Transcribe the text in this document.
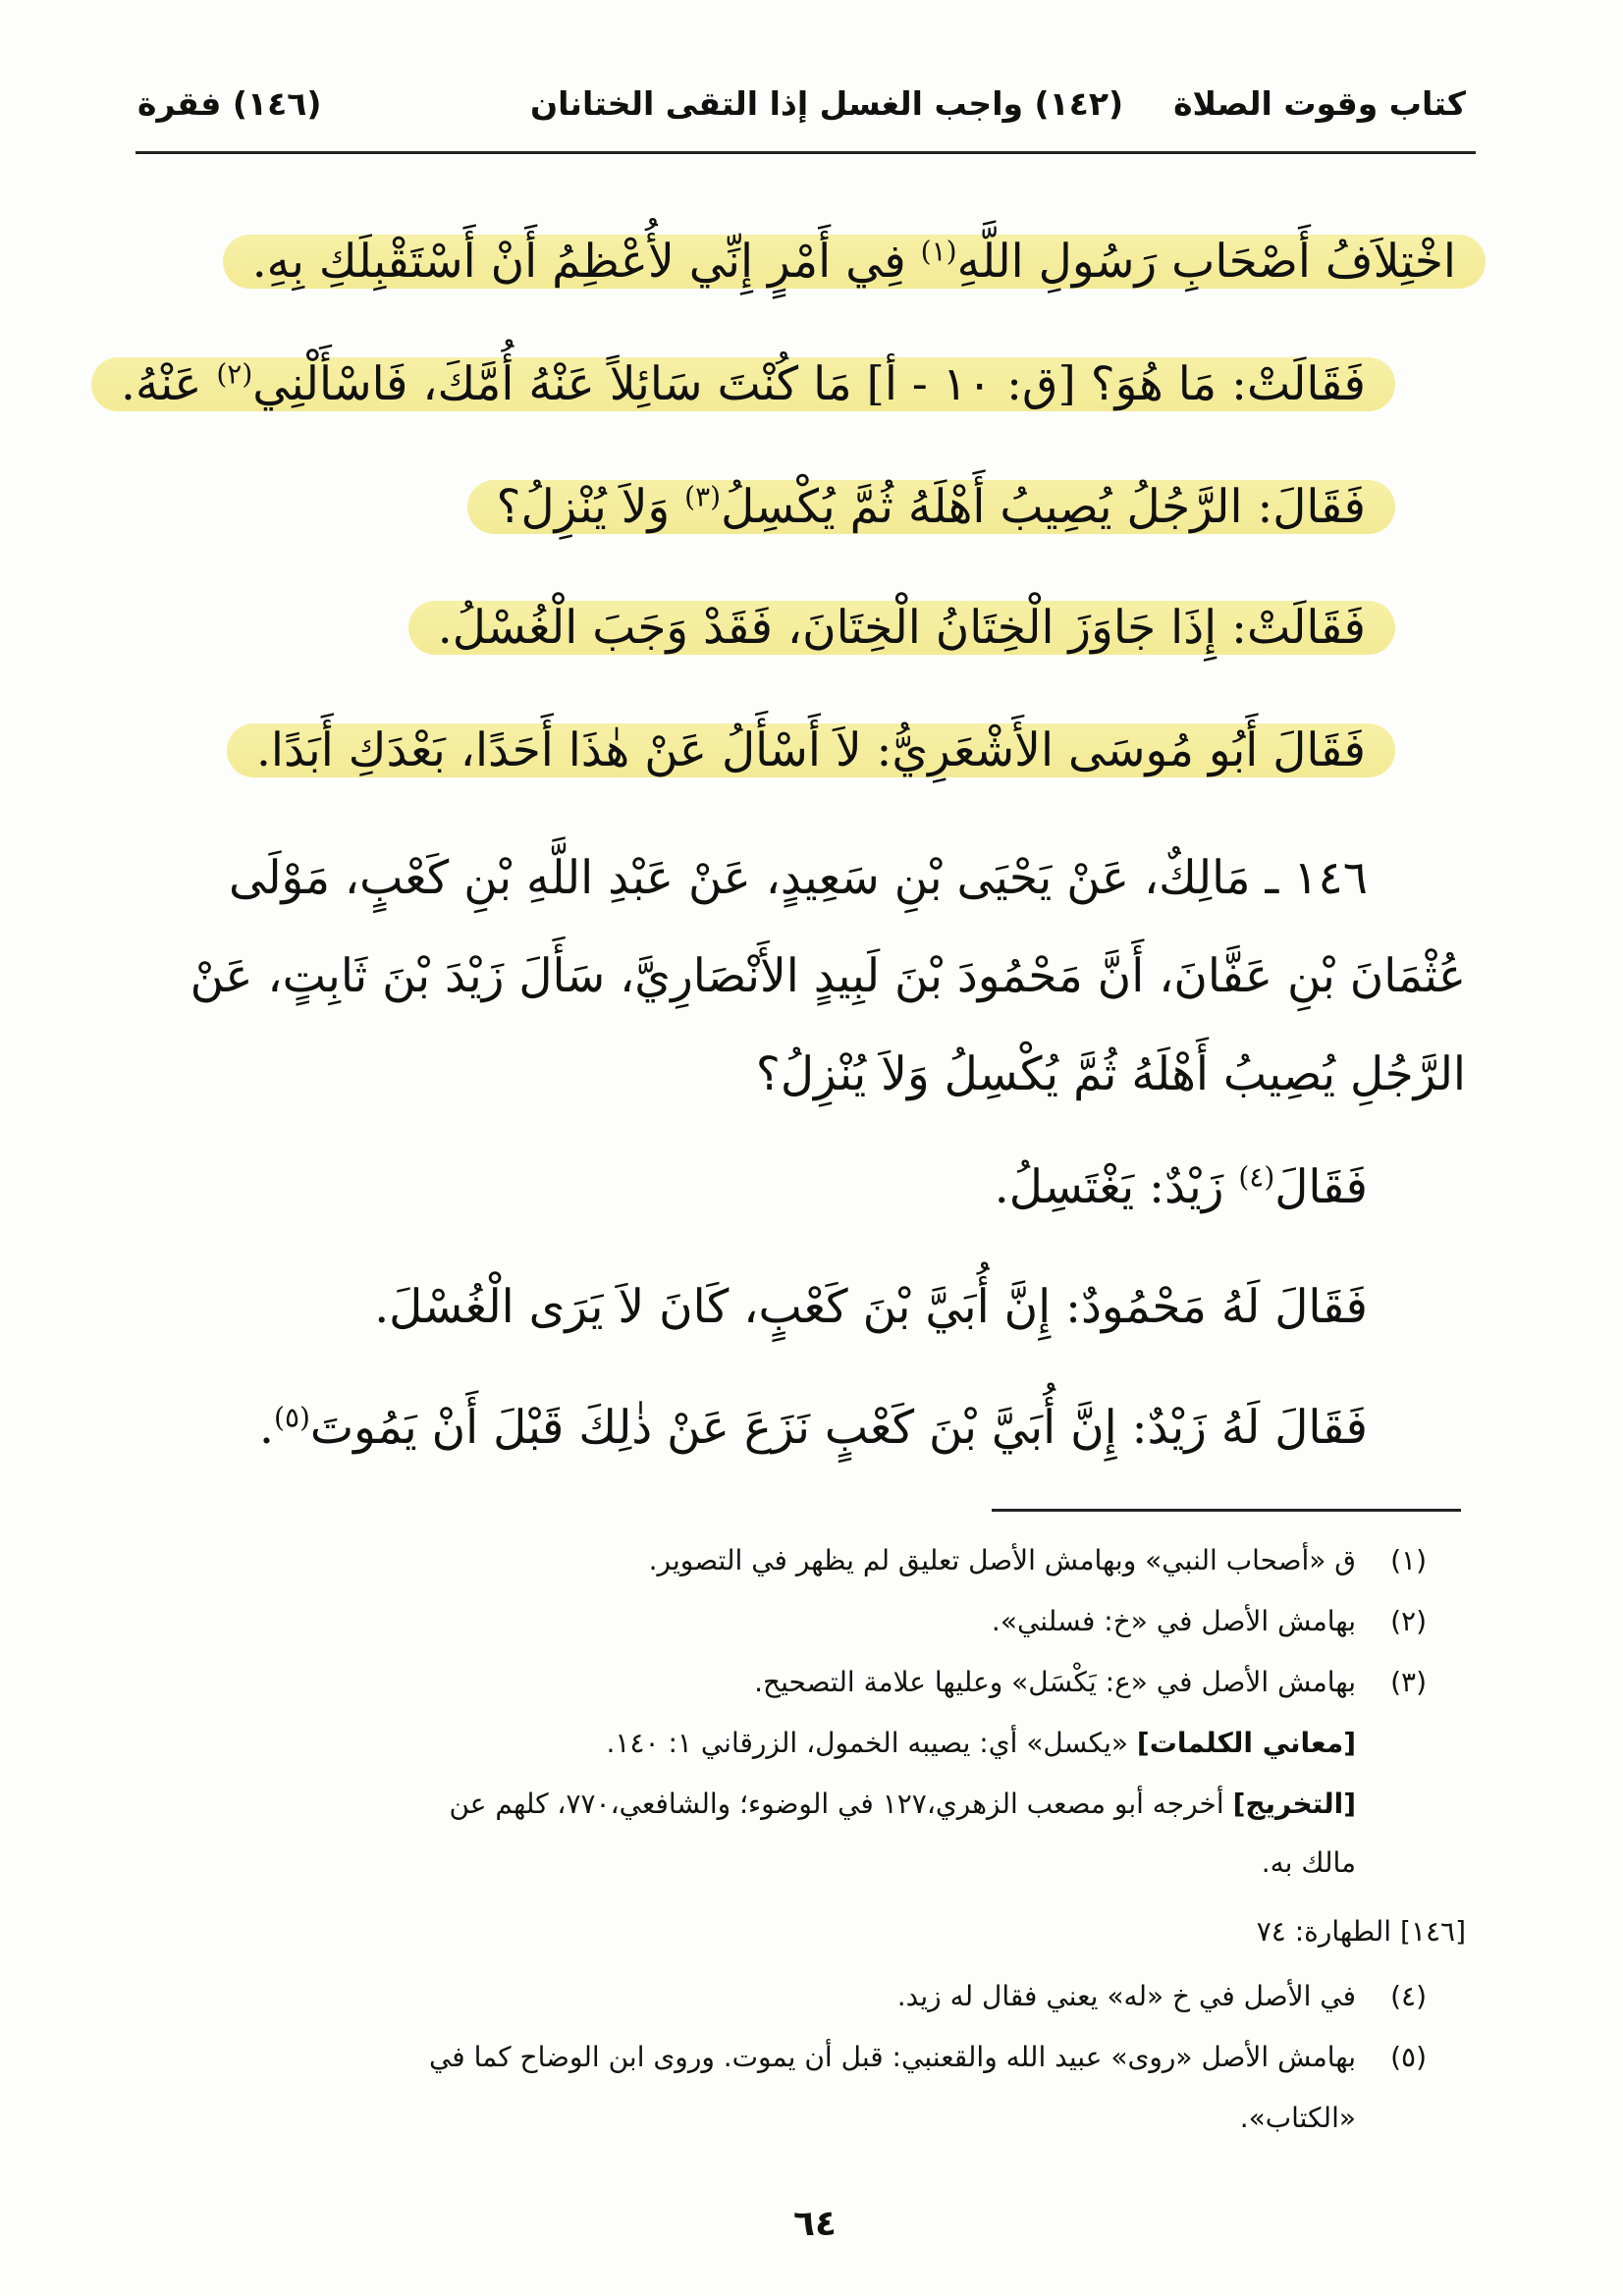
كتاب وقوت الصلاة
(١٤٢) واجب الغسل إذا التقى الختانان
(١٤٦) فقرة
اخْتِلاَفُ أَصْحَابِ رَسُولِ اللَّهِ$^{(١)}$ فِي أَمْرٍ إِنِّي لأُعْظِمُ أَنْ أَسْتَقْبِلَكِ بِهِ.
فَقَالَتْ: مَا هُوَ؟ [ق: ١٠ - أ] مَا كُنْتَ سَائِلاً عَنْهُ أُمَّكَ، فَاسْأَلْنِي$^{(٢)}$ عَنْهُ.
فَقَالَ: الرَّجُلُ يُصِيبُ أَهْلَهُ ثُمَّ يُكْسِلُ$^{(٣)}$ وَلاَ يُنْزِلُ؟
فَقَالَتْ: إِذَا جَاوَزَ الْخِتَانُ الْخِتَانَ، فَقَدْ وَجَبَ الْغُسْلُ.
فَقَالَ أَبُو مُوسَى الأَشْعَرِيُّ: لاَ أَسْأَلُ عَنْ هٰذَا أَحَدًا، بَعْدَكِ أَبَدًا.
١٤٦ ـ مَالِكٌ، عَنْ يَحْيَى بْنِ سَعِيدٍ، عَنْ عَبْدِ اللَّهِ بْنِ كَعْبٍ، مَوْلَى
عُثْمَانَ بْنِ عَفَّانَ، أَنَّ مَحْمُودَ بْنَ لَبِيدٍ الأَنْصَارِيَّ، سَأَلَ زَيْدَ بْنَ ثَابِتٍ، عَنْ
الرَّجُلِ يُصِيبُ أَهْلَهُ ثُمَّ يُكْسِلُ وَلاَ يُنْزِلُ؟
فَقَالَ$^{(٤)}$ زَيْدٌ: يَغْتَسِلُ.
فَقَالَ لَهُ مَحْمُودٌ: إِنَّ أُبَيَّ بْنَ كَعْبٍ، كَانَ لاَ يَرَى الْغُسْلَ.
فَقَالَ لَهُ زَيْدٌ: إِنَّ أُبَيَّ بْنَ كَعْبٍ نَزَعَ عَنْ ذٰلِكَ قَبْلَ أَنْ يَمُوتَ$^{(٥)}$.
(١)ق «أصحاب النبي» وبهامش الأصل تعليق لم يظهر في التصوير.
(٢)بهامش الأصل في «خ: فسلني».
(٣)بهامش الأصل في «ع: يَكْسَل» وعليها علامة التصحيح.
[معاني الكلمات] «يكسل» أي: يصيبه الخمول، الزرقاني ١: ١٤٠.
[التخريج] أخرجه أبو مصعب الزهري،١٢٧ في الوضوء؛ والشافعي،٧٧٠، كلهم عن
مالك به.
[١٤٦] الطهارة: ٧٤
(٤)في الأصل في خ «له» يعني فقال له زيد.
(٥)بهامش الأصل «روى» عبيد الله والقعنبي: قبل أن يموت. وروى ابن الوضاح كما في
«الكتاب».
٦٤
